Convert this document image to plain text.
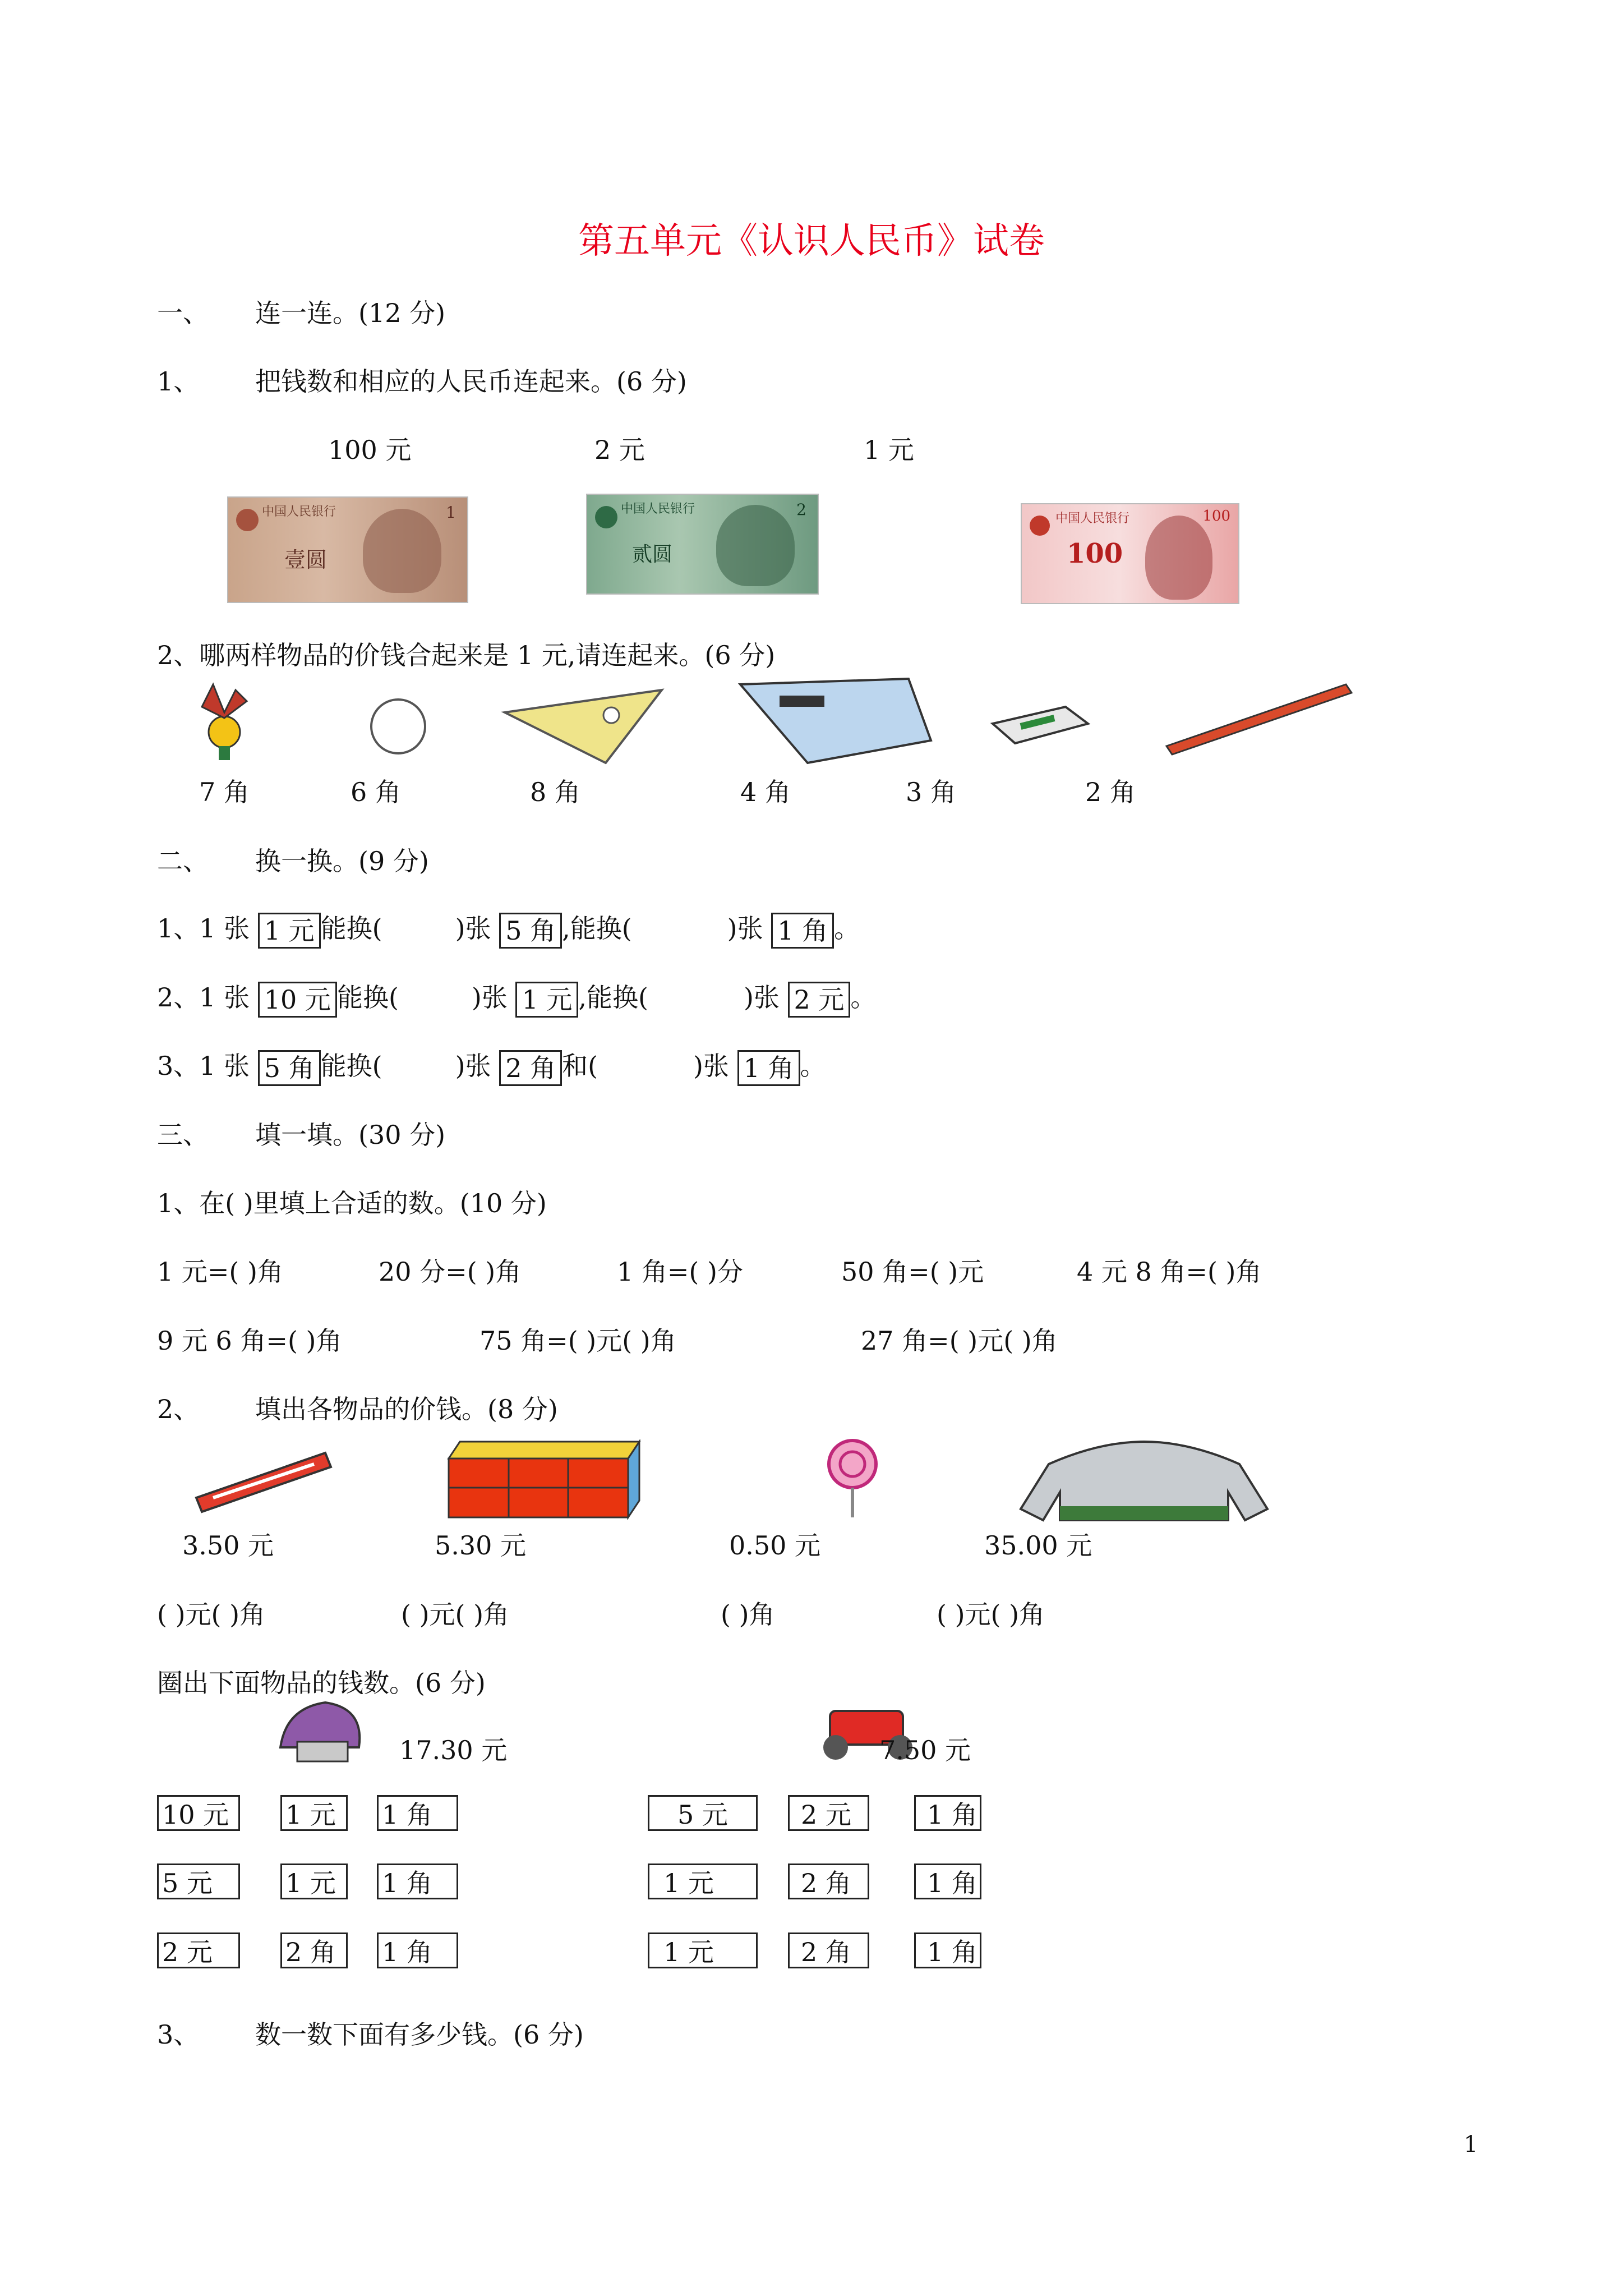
第五单元《认识人民币》试卷
一、 连一连。(12 分)
1、 把钱数和相应的人民币连起来。(6 分)
100 元	2 元	1 元
中国人民银行
壹圆
1	中国人民银行
贰圆
2	中国人民银行
100
100
2、哪两样物品的价钱合起来是 1 元,请连起来。(6 分)
7 角	6 角	8 角	4 角	3 角	2 角
二、 换一换。(9 分)
1、1 张 1 元 能换(	)张 5 角 ,能换(	)张 1 角 。
2、1 张 10 元 能换(	)张 1 元 ,能换(	)张 2 元 。
3、1 张 5 角 能换(	)张 2 角 和(	)张 1 角 。
三、 填一填。(30 分)
1、在( )里填上合适的数。(10 分)
1 元=( )角	20 分=( )角	1 角=( )分	50 角=( )元	4 元 8 角=( )角
9 元 6 角=( )角	75 角=( )元( )角	27 角=( )元( )角
2、 填出各物品的价钱。(8 分)
3.50 元	5.30 元	0.50 元	35.00 元
( )元( )角	( )元( )角	( )角	( )元( )角
圈出下面物品的钱数。(6 分)
17.30 元	7.50 元
10 元	1 元	1 角
5 元	1 元	1 角
2 元	2 角	1 角
5 元	2 元	1 角
1 元	2 角	1 角
1 元	2 角	1 角
3、 数一数下面有多少钱。(6 分)
1
